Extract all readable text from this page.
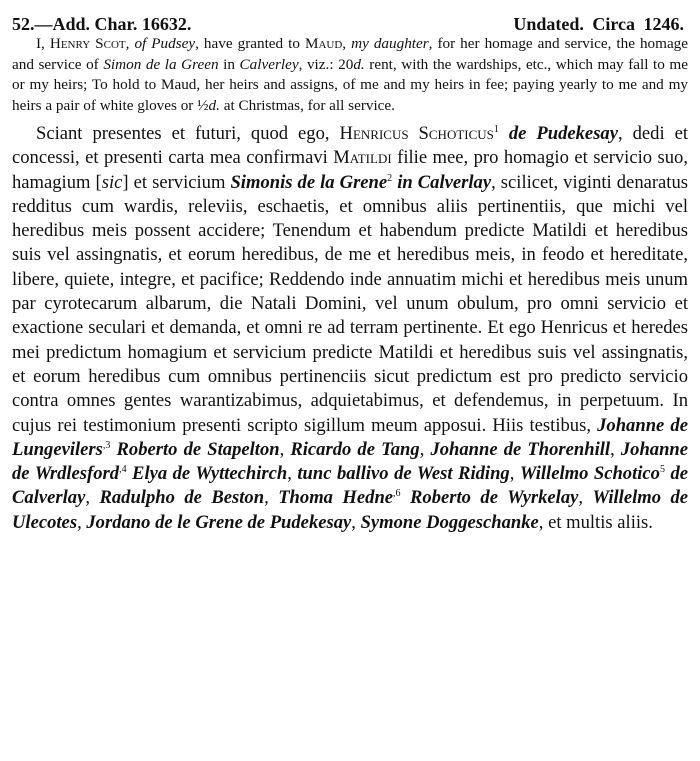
52.—Add. Char. 16632.	Undated. Circa 1246.

I, Henry Scot, of Pudsey, have granted to Maud, my daughter, for her homage and service, the homage and service of Simon de la Green in Calverley, viz.: 20d. rent, with the wardships, etc., which may fall to me or my heirs; To hold to Maud, her heirs and assigns, of me and my heirs in fee; paying yearly to me and my heirs a pair of white gloves or ½d. at Christmas, for all service.

Sciant presentes et futuri, quod ego, Henricus Schoticus$^1$ de Pudekesay, dedi et concessi, et presenti carta mea confirmavi Matildi filie mee, pro homagio et servicio suo, hamagium [sic] et servicium Simonis de la Grene$^2$ in Calverlay, scilicet, viginti denaratus redditus cum wardis, releviis, eschaetis, et omnibus aliis pertinentiis, que michi vel heredibus meis possent accidere; Tenendum et habendum predicte Matildi et heredibus suis vel assingnatis, et eorum heredibus, de me et heredibus meis, in feodo et hereditate, libere, quiete, integre, et pacifice; Reddendo inde annuatim michi et heredibus meis unum par cyrotecarum albarum, die Natali Domini, vel unum obulum, pro omni servicio et exactione seculari et demanda, et omni re ad terram pertinente. Et ego Henricus et heredes mei predictum homagium et servicium predicte Matildi et heredibus suis vel assingnatis, et eorum heredibus cum omnibus pertinenciis sicut predictum est pro predicto servicio contra omnes gentes warantizabimus, adquietabimus, et defendemus, in perpetuum. In cujus rei testimonium presenti scripto sigillum meum apposui. Hiis testibus, Johanne de Lungevilers$^{,3}$ Roberto de Stapelton, Ricardo de Tang, Johanne de Thorenhill, Johanne de Wrdlesford$^{,4}$ Elya de Wyttechirch, tunc ballivo de West Riding, Willelmo Schotico$^5$ de Calverlay, Radulpho de Beston, Thoma Hedne$^{,6}$ Roberto de Wyrkelay, Willelmo de Ulecotes, Jordano de le Grene de Pudekesay, Symone Doggeschanke, et multis aliis.
